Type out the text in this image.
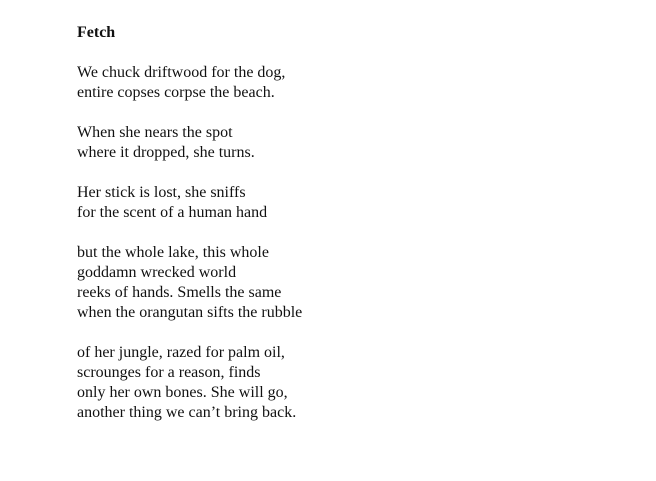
Fetch
We chuck driftwood for the dog,
entire copses corpse the beach.
When she nears the spot
where it dropped, she turns.
Her stick is lost, she sniffs
for the scent of a human hand
but the whole lake, this whole
goddamn wrecked world
reeks of hands. Smells the same
when the orangutan sifts the rubble
of her jungle, razed for palm oil,
scrounges for a reason, finds
only her own bones. She will go,
another thing we can’t bring back.
